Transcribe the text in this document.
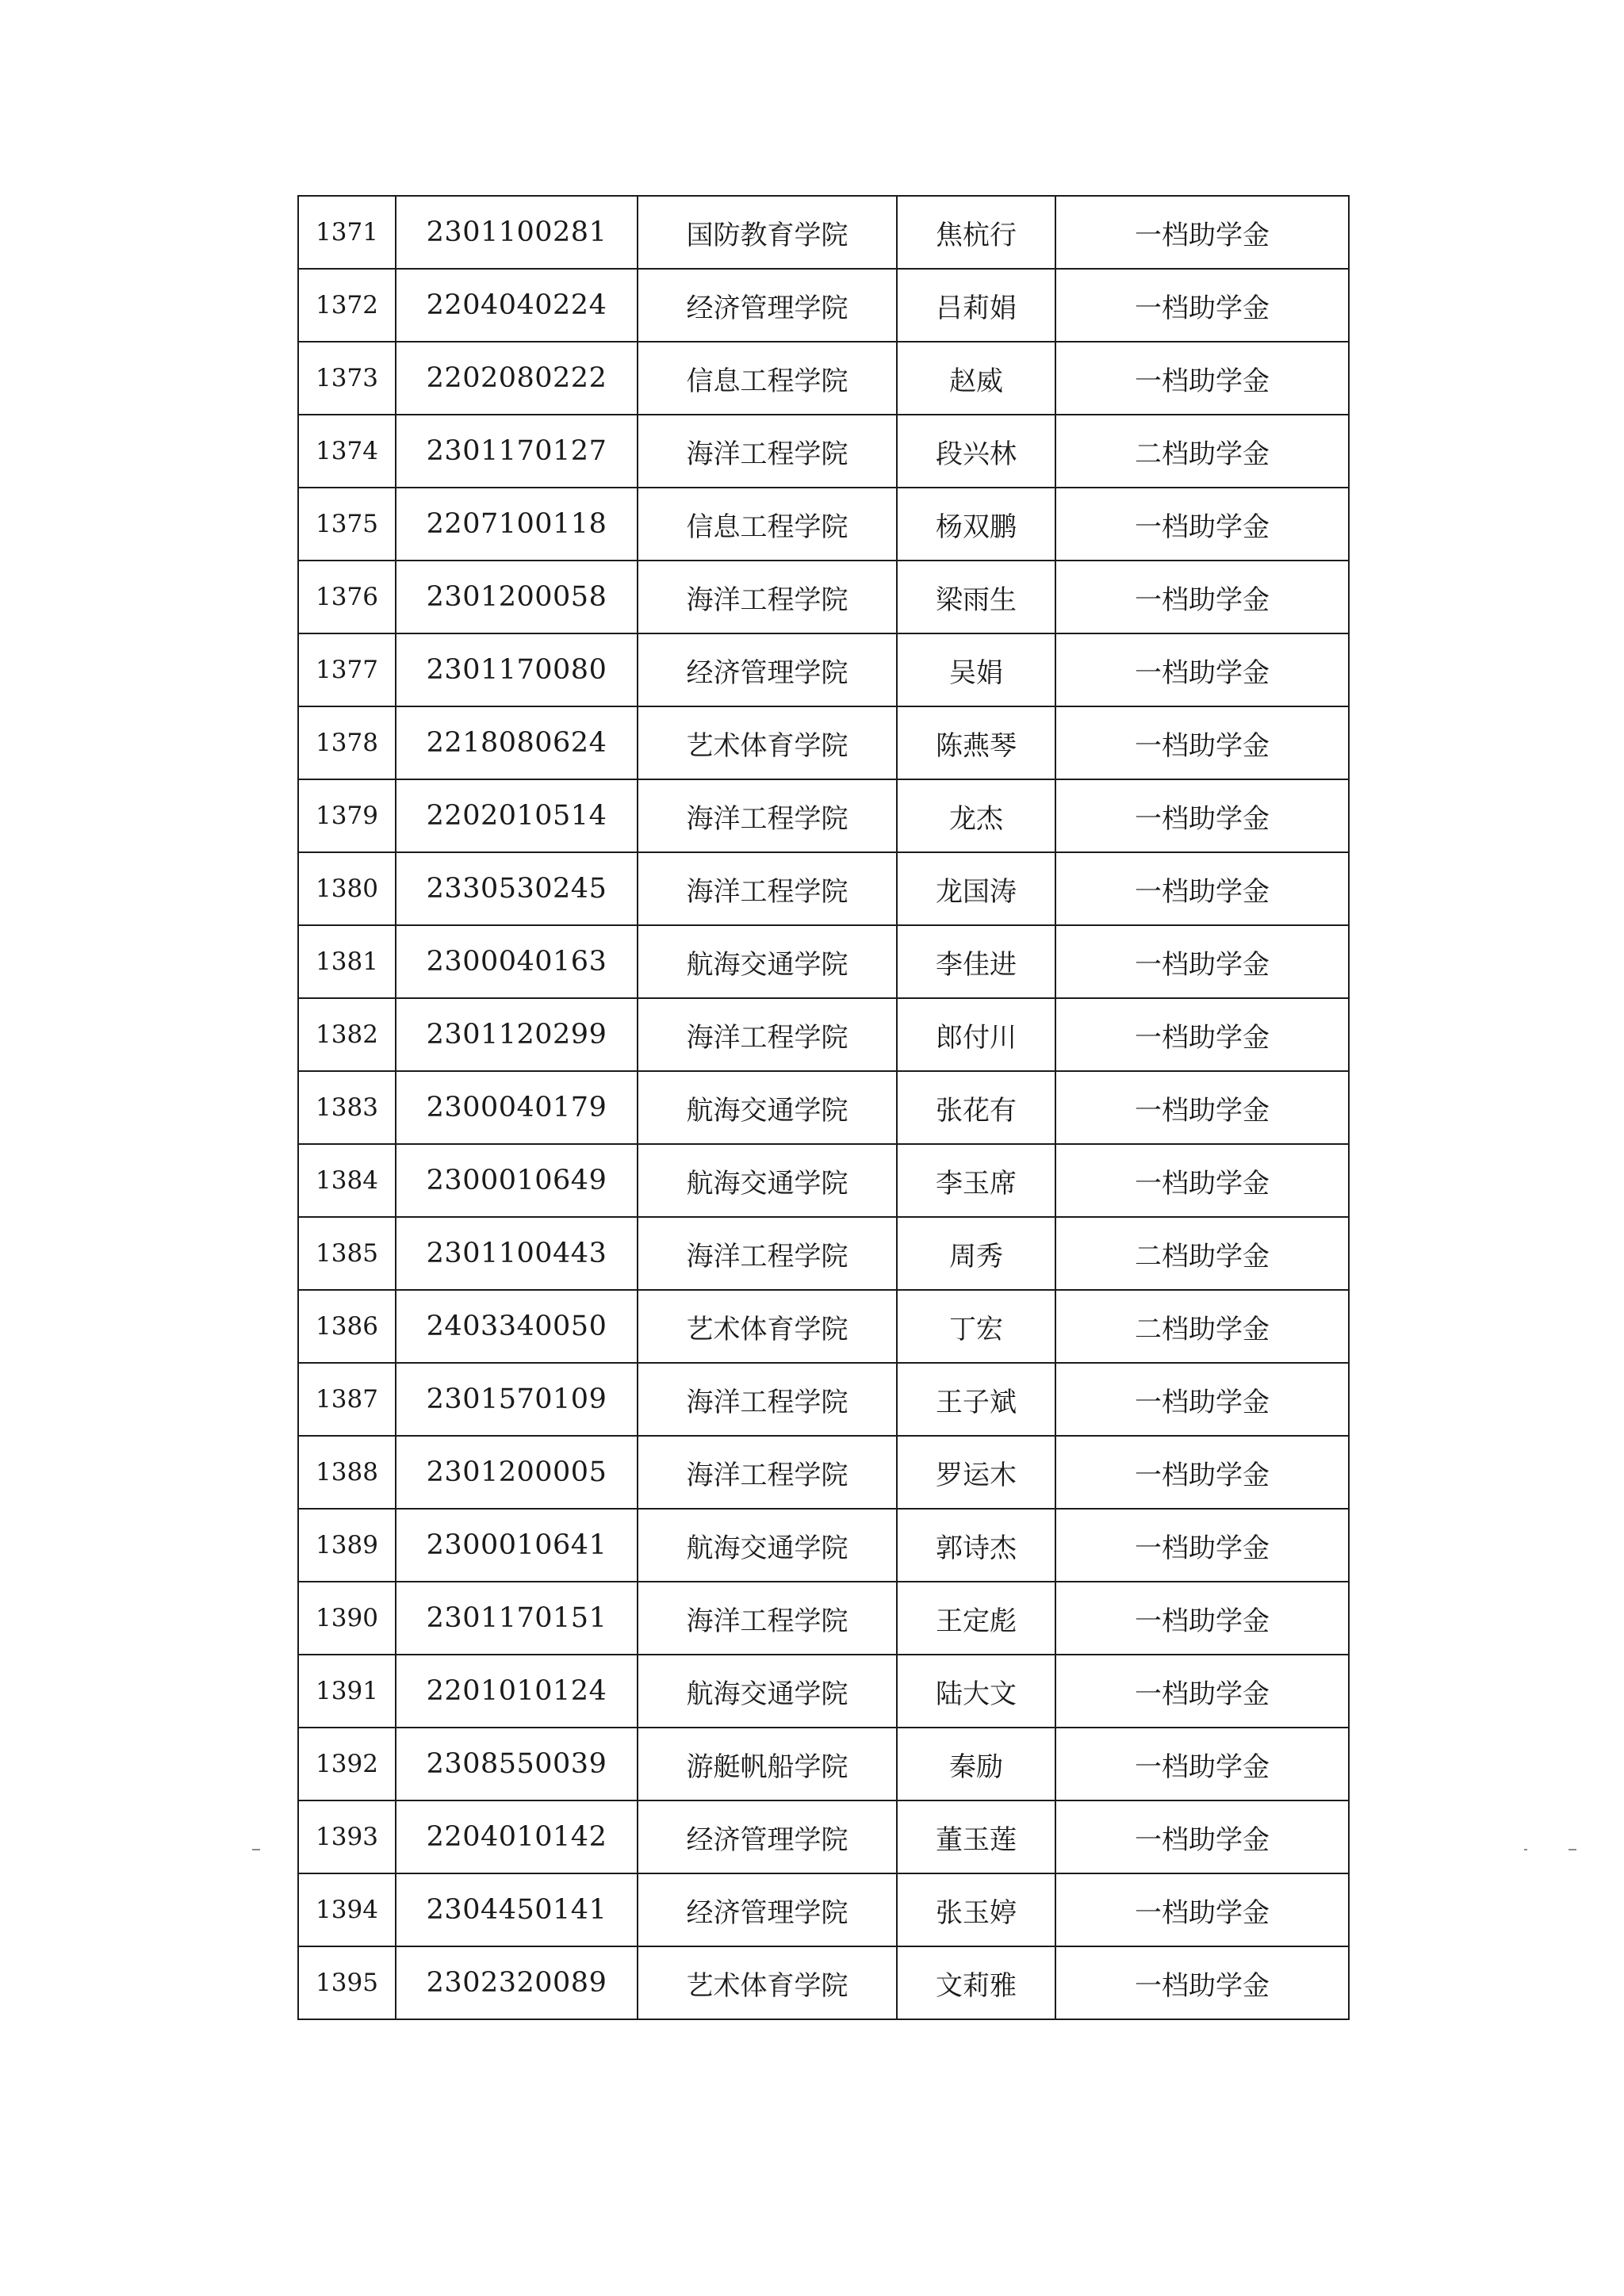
1371	2301100281	国防教育学院	焦杭行	一档助学金
1372	2204040224	经济管理学院	吕莉娟	一档助学金
1373	2202080222	信息工程学院	赵威	一档助学金
1374	2301170127	海洋工程学院	段兴林	二档助学金
1375	2207100118	信息工程学院	杨双鹏	一档助学金
1376	2301200058	海洋工程学院	梁雨生	一档助学金
1377	2301170080	经济管理学院	吴娟	一档助学金
1378	2218080624	艺术体育学院	陈燕琴	一档助学金
1379	2202010514	海洋工程学院	龙杰	一档助学金
1380	2330530245	海洋工程学院	龙国涛	一档助学金
1381	2300040163	航海交通学院	李佳进	一档助学金
1382	2301120299	海洋工程学院	郎付川	一档助学金
1383	2300040179	航海交通学院	张花有	一档助学金
1384	2300010649	航海交通学院	李玉席	一档助学金
1385	2301100443	海洋工程学院	周秀	二档助学金
1386	2403340050	艺术体育学院	丁宏	二档助学金
1387	2301570109	海洋工程学院	王子斌	一档助学金
1388	2301200005	海洋工程学院	罗运木	一档助学金
1389	2300010641	航海交通学院	郭诗杰	一档助学金
1390	2301170151	海洋工程学院	王定彪	一档助学金
1391	2201010124	航海交通学院	陆大文	一档助学金
1392	2308550039	游艇帆船学院	秦励	一档助学金
1393	2204010142	经济管理学院	董玉莲	一档助学金
1394	2304450141	经济管理学院	张玉婷	一档助学金
1395	2302320089	艺术体育学院	文莉雅	一档助学金
